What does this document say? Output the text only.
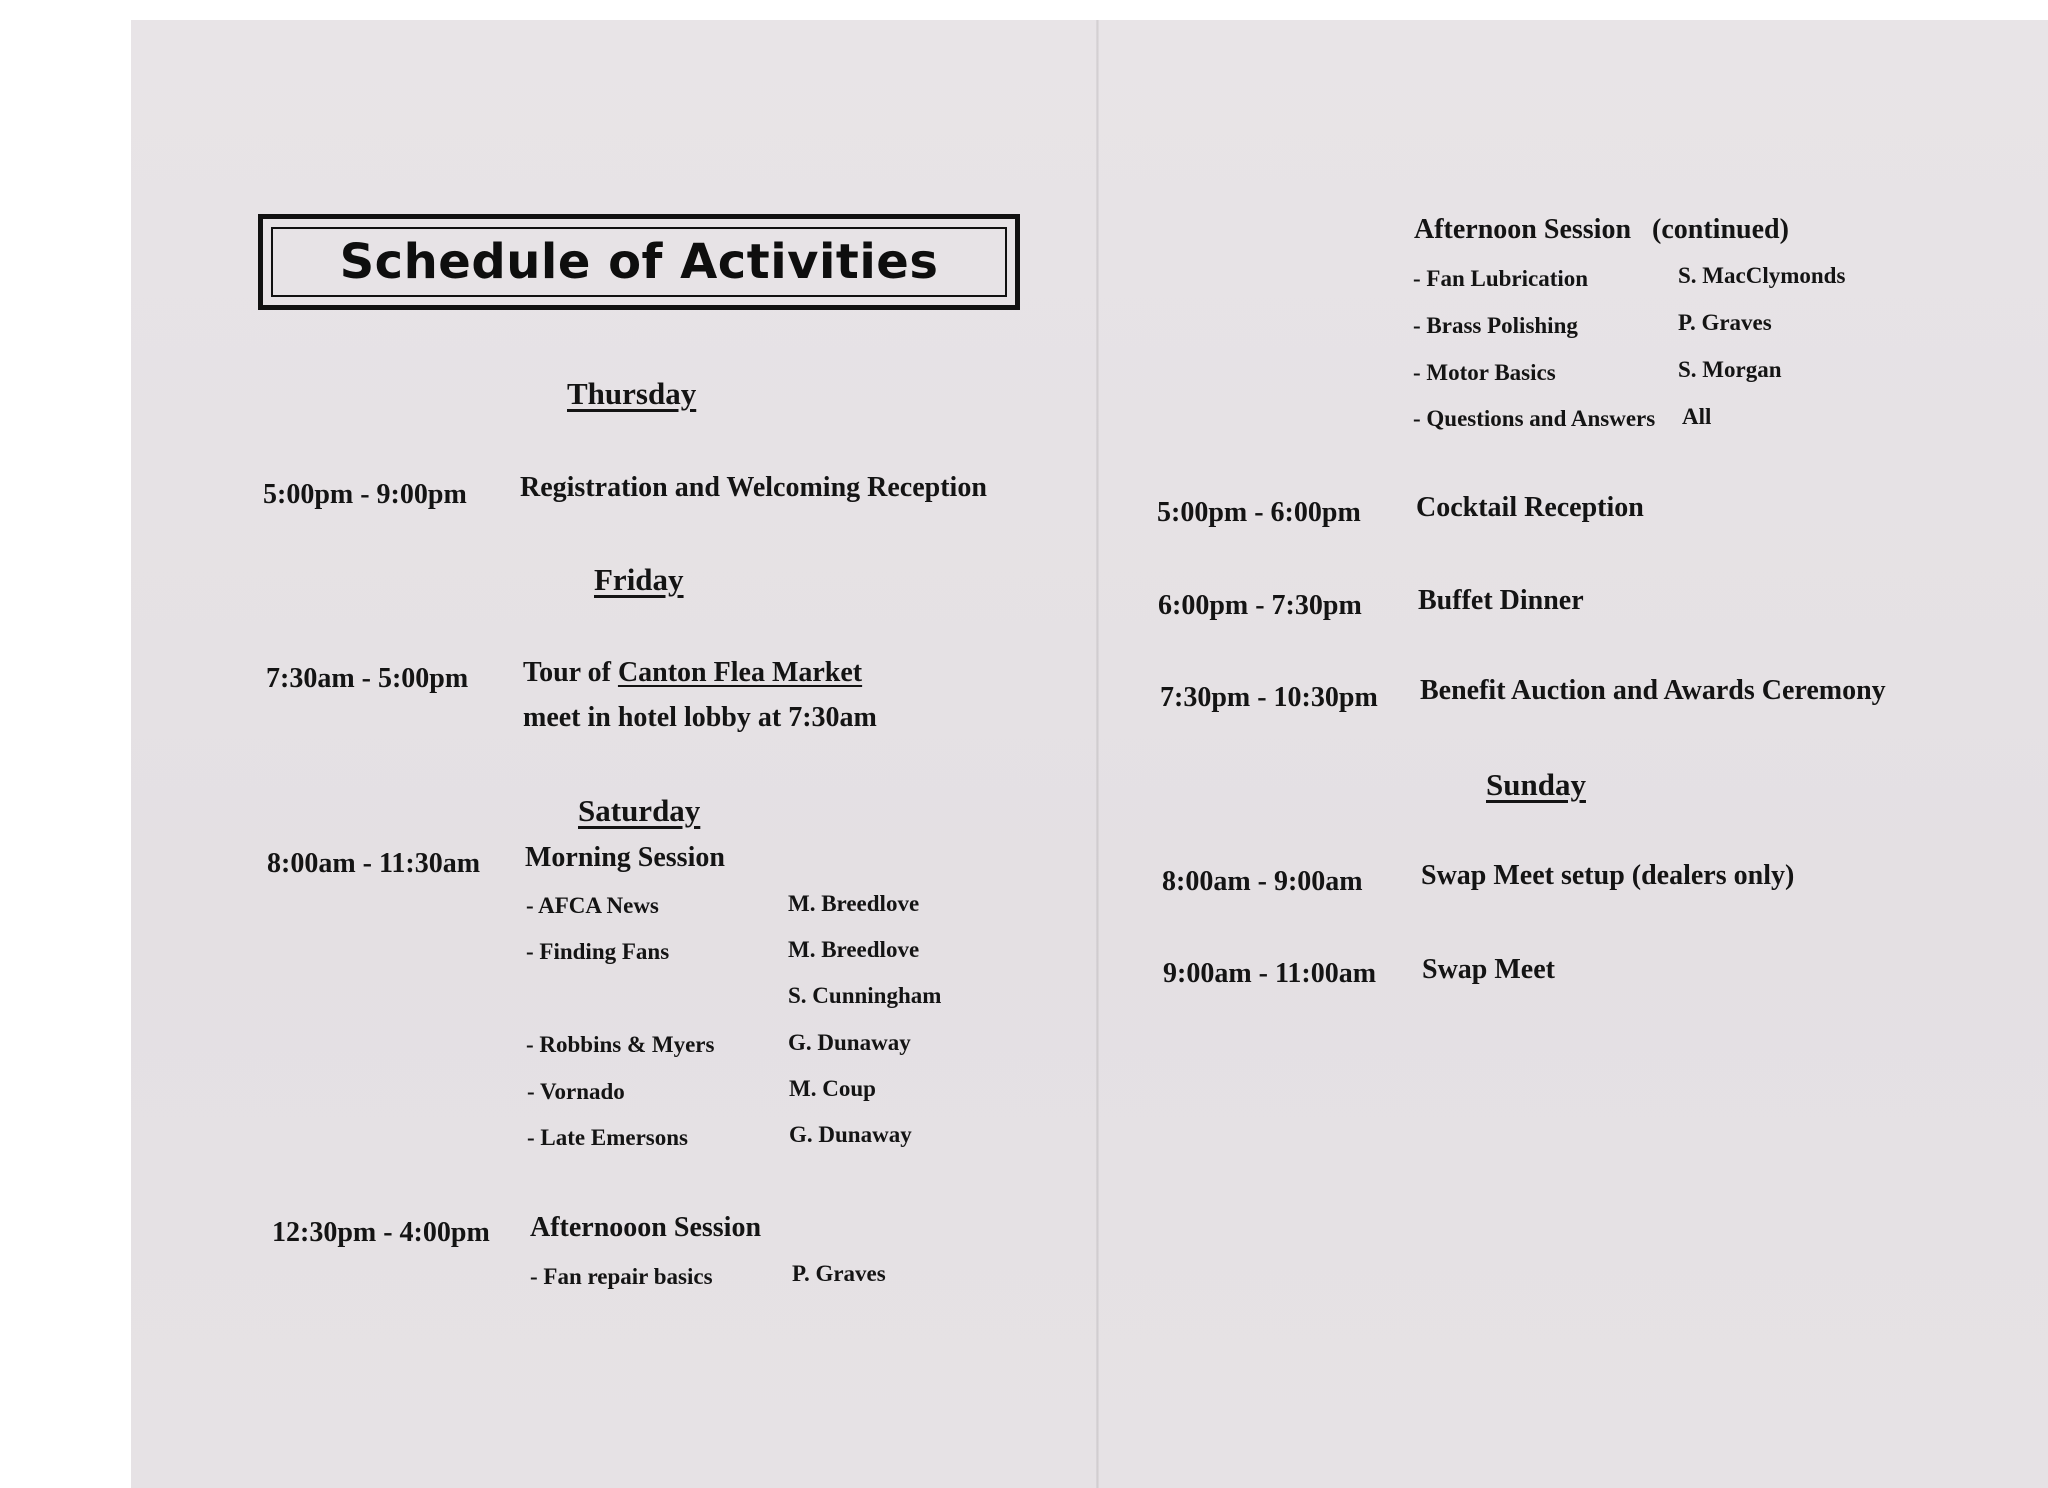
Schedule of Activities
Thursday
5:00pm - 9:00pm Registration and Welcoming Reception
Friday
7:30am - 5:00pm Tour of Canton Flea Market
meet in hotel lobby at 7:30am
Saturday
8:00am - 11:30am Morning Session
- AFCA News	M. Breedlove
- Finding Fans	M. Breedlove
S. Cunningham
- Robbins & Myers	G. Dunaway
- Vornado	M. Coup
- Late Emersons	G. Dunaway
12:30pm - 4:00pm Afternooon Session
- Fan repair basics	P. Graves
Afternoon Session (continued)
- Fan Lubrication	S. MacClymonds
- Brass Polishing	P. Graves
- Motor Basics	S. Morgan
- Questions and Answers All
5:00pm - 6:00pm Cocktail Reception
6:00pm - 7:30pm Buffet Dinner
7:30pm - 10:30pm Benefit Auction and Awards Ceremony
Sunday
8:00am - 9:00am Swap Meet setup (dealers only)
9:00am - 11:00am Swap Meet
